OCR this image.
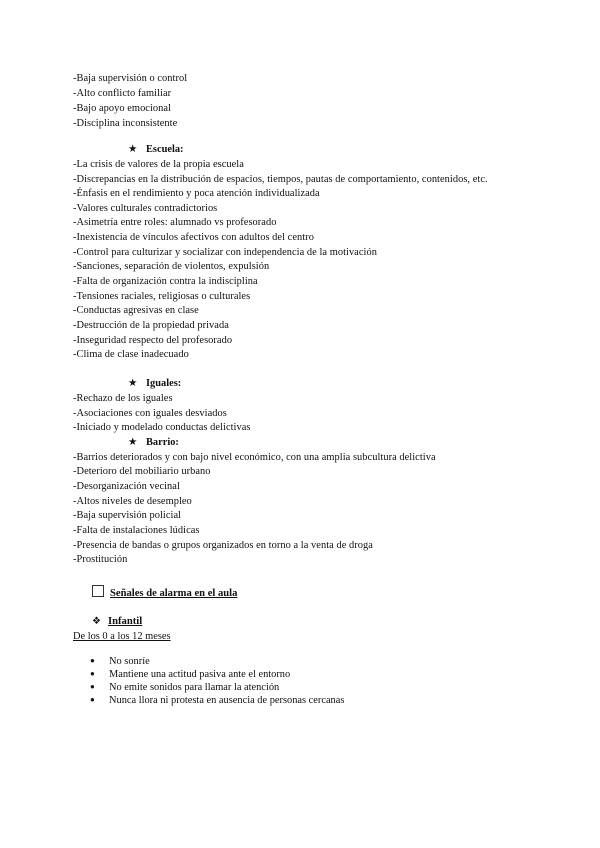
-Baja supervisión o control
-Alto conflicto familiar
-Bajo apoyo emocional
-Disciplina inconsistente
★ Escuela:
-La crisis de valores de la propia escuela
-Discrepancias en la distribución de espacios, tiempos, pautas de comportamiento, contenidos, etc.
-Énfasis en el rendimiento y poca atención individualizada
-Valores culturales contradictorios
-Asimetría entre roles: alumnado vs profesorado
-Inexistencia de vínculos afectivos con adultos del centro
-Control para culturizar y socializar con independencia de la motivación
-Sanciones, separación de violentos, expulsión
-Falta de organización contra la indisciplina
-Tensiones raciales, religiosas o culturales
-Conductas agresivas en clase
-Destrucción de la propiedad privada
-Inseguridad respecto del profesorado
-Clima de clase inadecuado
★ Iguales:
-Rechazo de los iguales
-Asociaciones con iguales desviados
-Iniciado y modelado conductas delictivas
★ Barrio:
-Barrios deteriorados y con bajo nivel económico, con una amplia subcultura delictiva
-Deterioro del mobiliario urbano
-Desorganización vecinal
-Altos niveles de desempleo
-Baja supervisión policial
-Falta de instalaciones lúdicas
-Presencia de bandas o grupos organizados en torno a la venta de droga
-Prostitución
Señales de alarma en el aula
❖ Infantil
De los 0 a los 12 meses
● No sonríe
● Mantiene una actitud pasiva ante el entorno
● No emite sonidos para llamar la atención
● Nunca llora ni protesta en ausencia de personas cercanas
